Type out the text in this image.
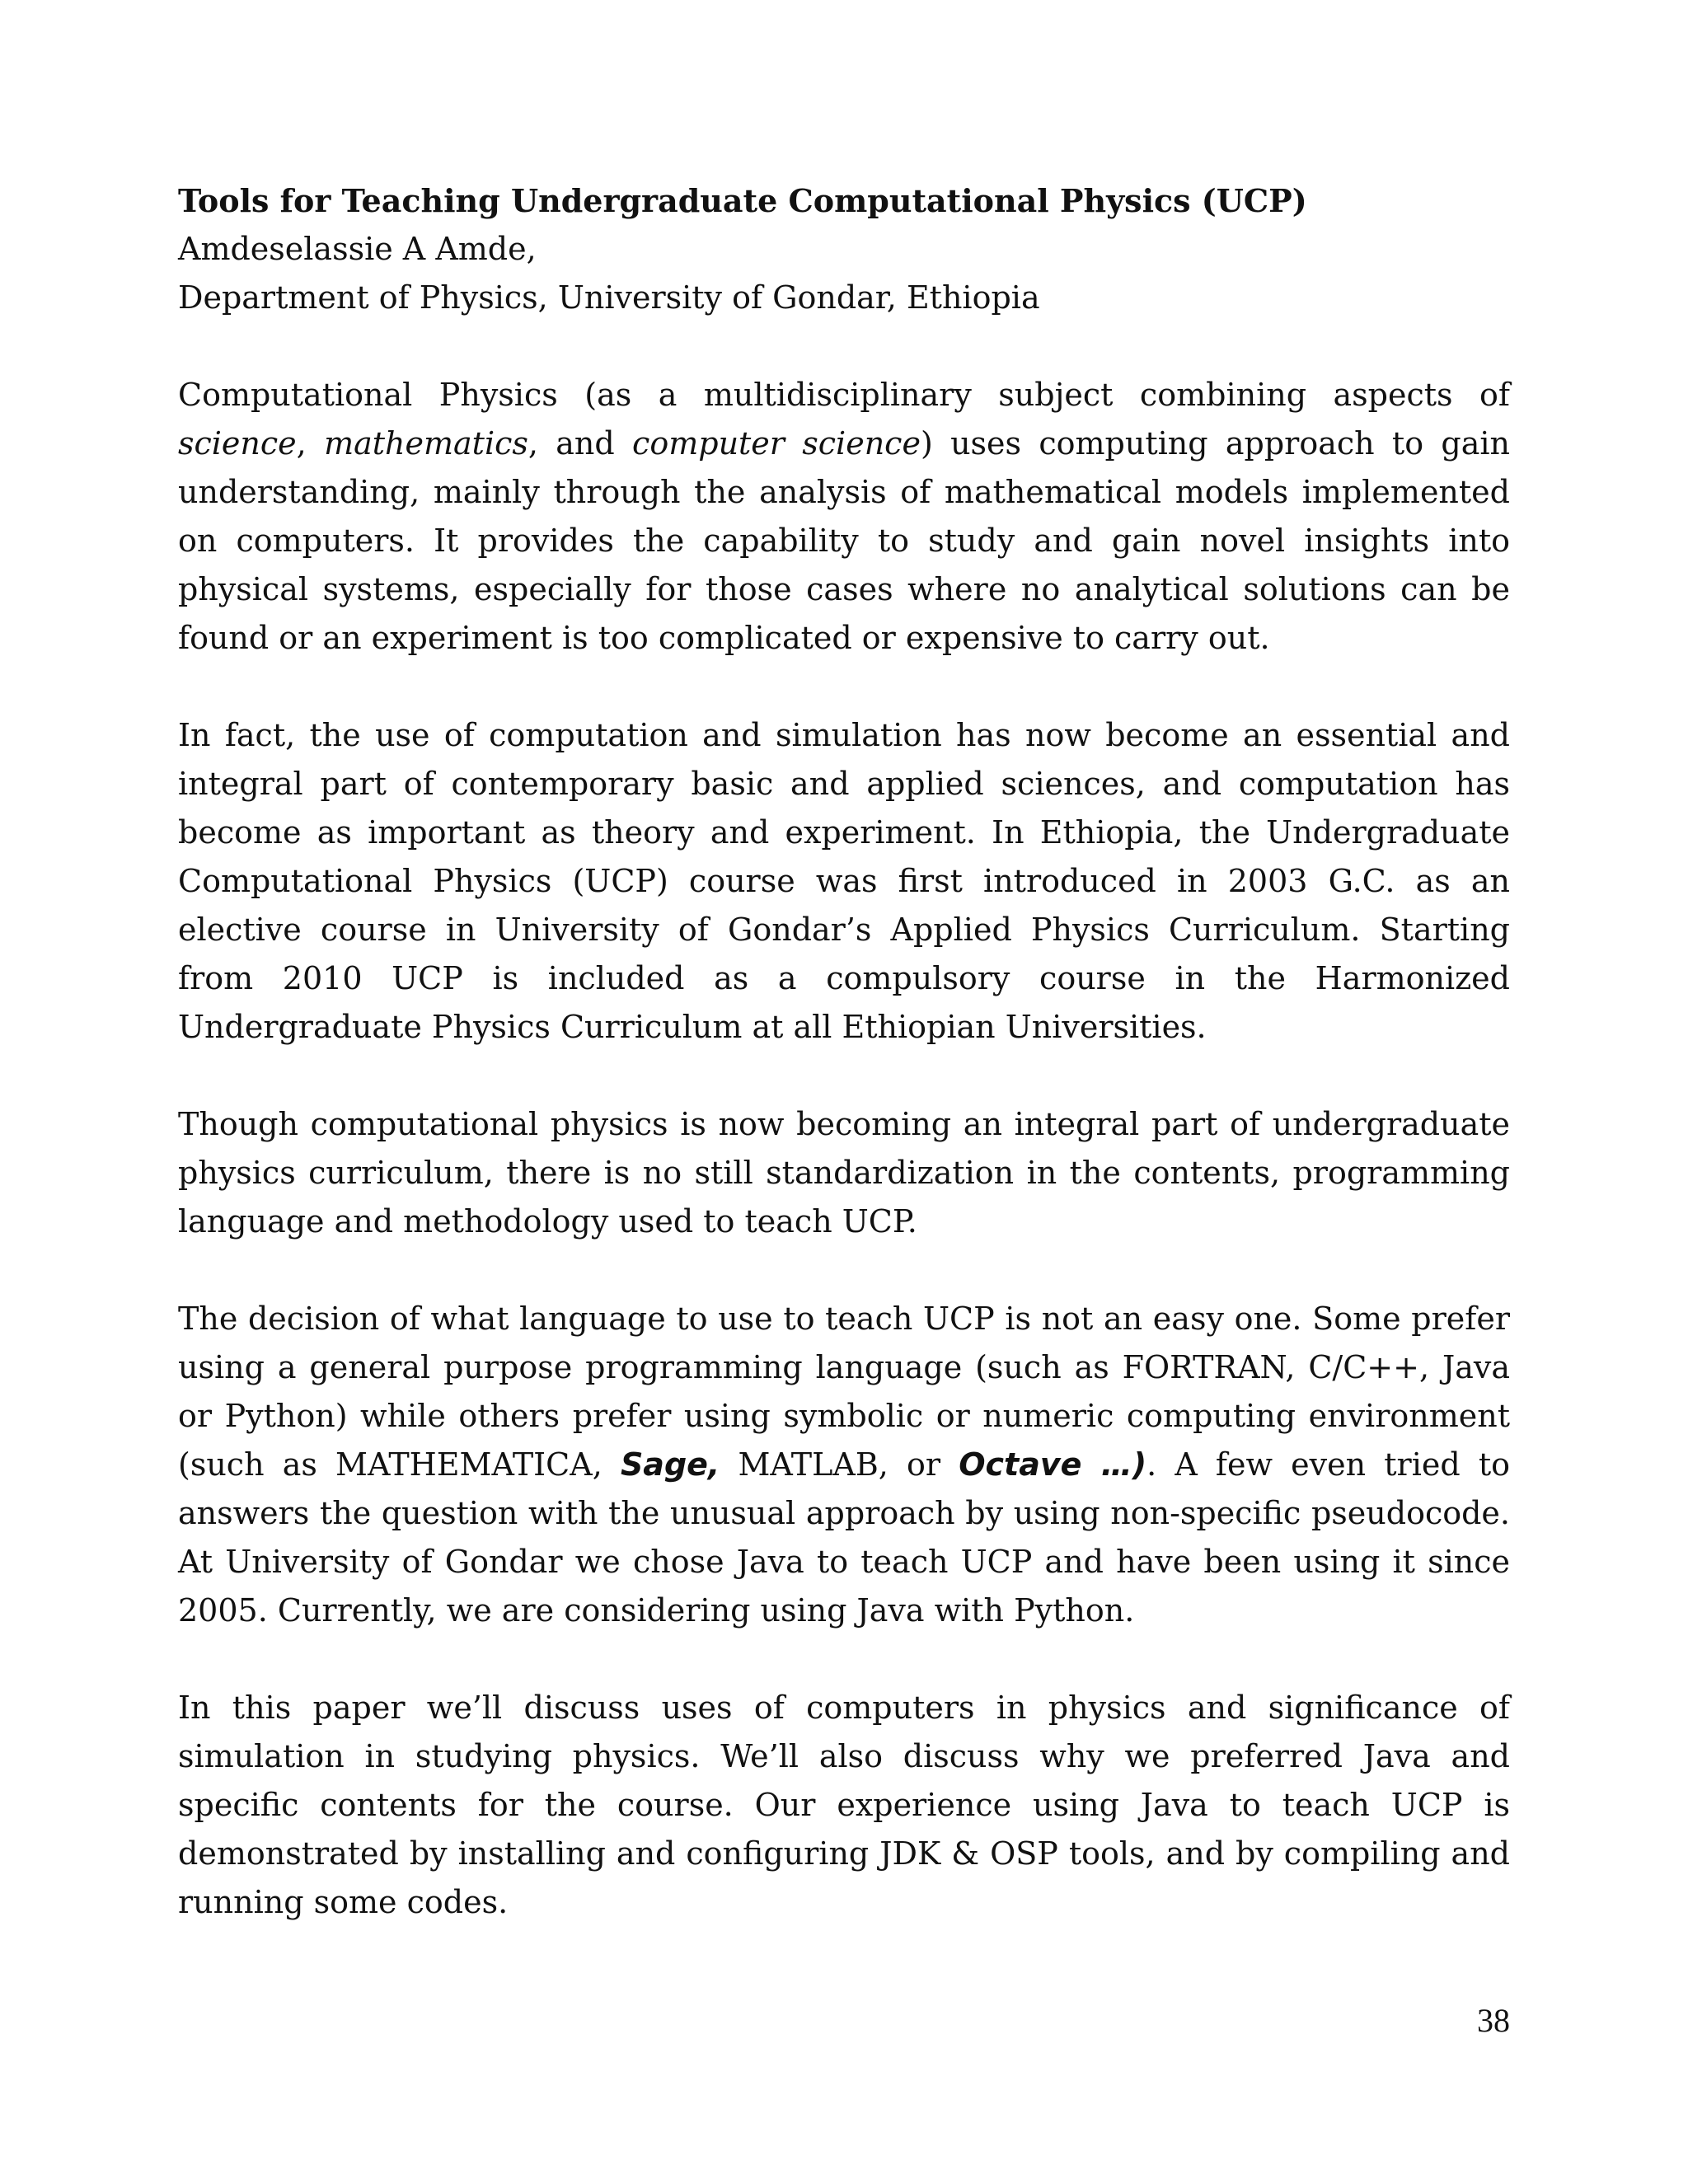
Tools for Teaching Undergraduate Computational Physics (UCP)

Amdeselassie A Amde,

Department of Physics, University of Gondar, Ethiopia

Computational Physics (as a multidisciplinary subject combining aspects of science, mathematics, and computer science) uses computing approach to gain understanding, mainly through the analysis of mathematical models implemented on computers. It provides the capability to study and gain novel insights into physical systems, especially for those cases where no analytical solutions can be found or an experiment is too complicated or expensive to carry out.

In fact, the use of computation and simulation has now become an essential and integral part of contemporary basic and applied sciences, and computation has become as important as theory and experiment. In Ethiopia, the Undergraduate Computational Physics (UCP) course was first introduced in 2003 G.C. as an elective course in University of Gondar’s Applied Physics Curriculum. Starting from 2010 UCP is included as a compulsory course in the Harmonized Undergraduate Physics Curriculum at all Ethiopian Universities.

Though computational physics is now becoming an integral part of undergraduate physics curriculum, there is no still standardization in the contents, programming language and methodology used to teach UCP.

The decision of what language to use to teach UCP is not an easy one. Some prefer using a general purpose programming language (such as FORTRAN, C/C++, Java or Python) while others prefer using symbolic or numeric computing environment (such as MATHEMATICA, Sage, MATLAB, or Octave …). A few even tried to answers the question with the unusual approach by using non-specific pseudocode. At University of Gondar we chose Java to teach UCP and have been using it since 2005. Currently, we are considering using Java with Python.

In this paper we’ll discuss uses of computers in physics and significance of simulation in studying physics. We’ll also discuss why we preferred Java and specific contents for the course. Our experience using Java to teach UCP is demonstrated by installing and configuring JDK & OSP tools, and by compiling and running some codes.

38
